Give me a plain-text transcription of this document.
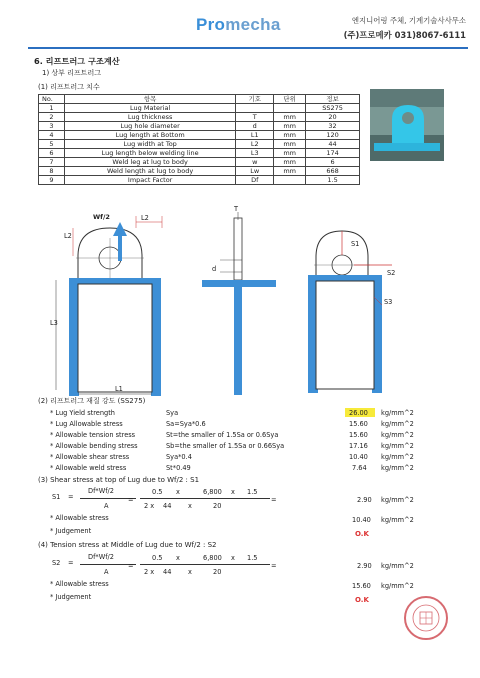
Promecha	엔지니어링 주체, 기계기술사사무소
(주)프로메카 031)8067-6111
6. 리프트러그 구조계산
1) 상부 리프트러그
(1) 리프트러그 치수
No.	항목	기호	단위	정보
1	Lug Material			SS275
2	Lug thickness	T	mm	20
3	Lug hole diameter	d	mm	32
4	Lug length at Bottom	L1	mm	120
5	Lug width at Top	L2	mm	44
6	Lug length below welding line	L3	mm	174
7	Weld leg at lug to body	w	mm	6
8	Weld length at lug to body	Lw	mm	668
9	Impact Factor	Df		1.5
Wf/2	L2
L2
L3
L1
d
T
S1
S2
S3
(2) 리프트러그 재질 강도 (SS275)
* Lug Yield strength	Sya	26.00 kg/mm^2
* Lug Allowable stress	Sa=Sya*0.6	15.60 kg/mm^2
* Allowable tension stress	St=the smaller of 1.5Sa or 0.6Sya	15.60 kg/mm^2
* Allowable bending stress	Sb=the smaller of 1.5Sa or 0.66Sya	17.16 kg/mm^2
* Allowable shear stress	Sya*0.4	10.40 kg/mm^2
* Allowable weld stress	St*0.49	7.64 kg/mm^2
(3) Shear stress at top of Lug due to Wf/2 : S1
Df*Wf/2
S1 =
A
=
0.5 x	6,800 x 1.5
2 x 44	x	20
=	2.90 kg/mm^2
* Allowable stress	10.40 kg/mm^2
* Judgement	O.K
(4) Tension stress at Middle of Lug due to Wf/2 : S2
Df*Wf/2
S2 =
A
=
0.5 x	6,800 x 1.5
2 x 44	x	20
=	2.90 kg/mm^2
* Allowable stress	15.60 kg/mm^2
* Judgement	O.K
